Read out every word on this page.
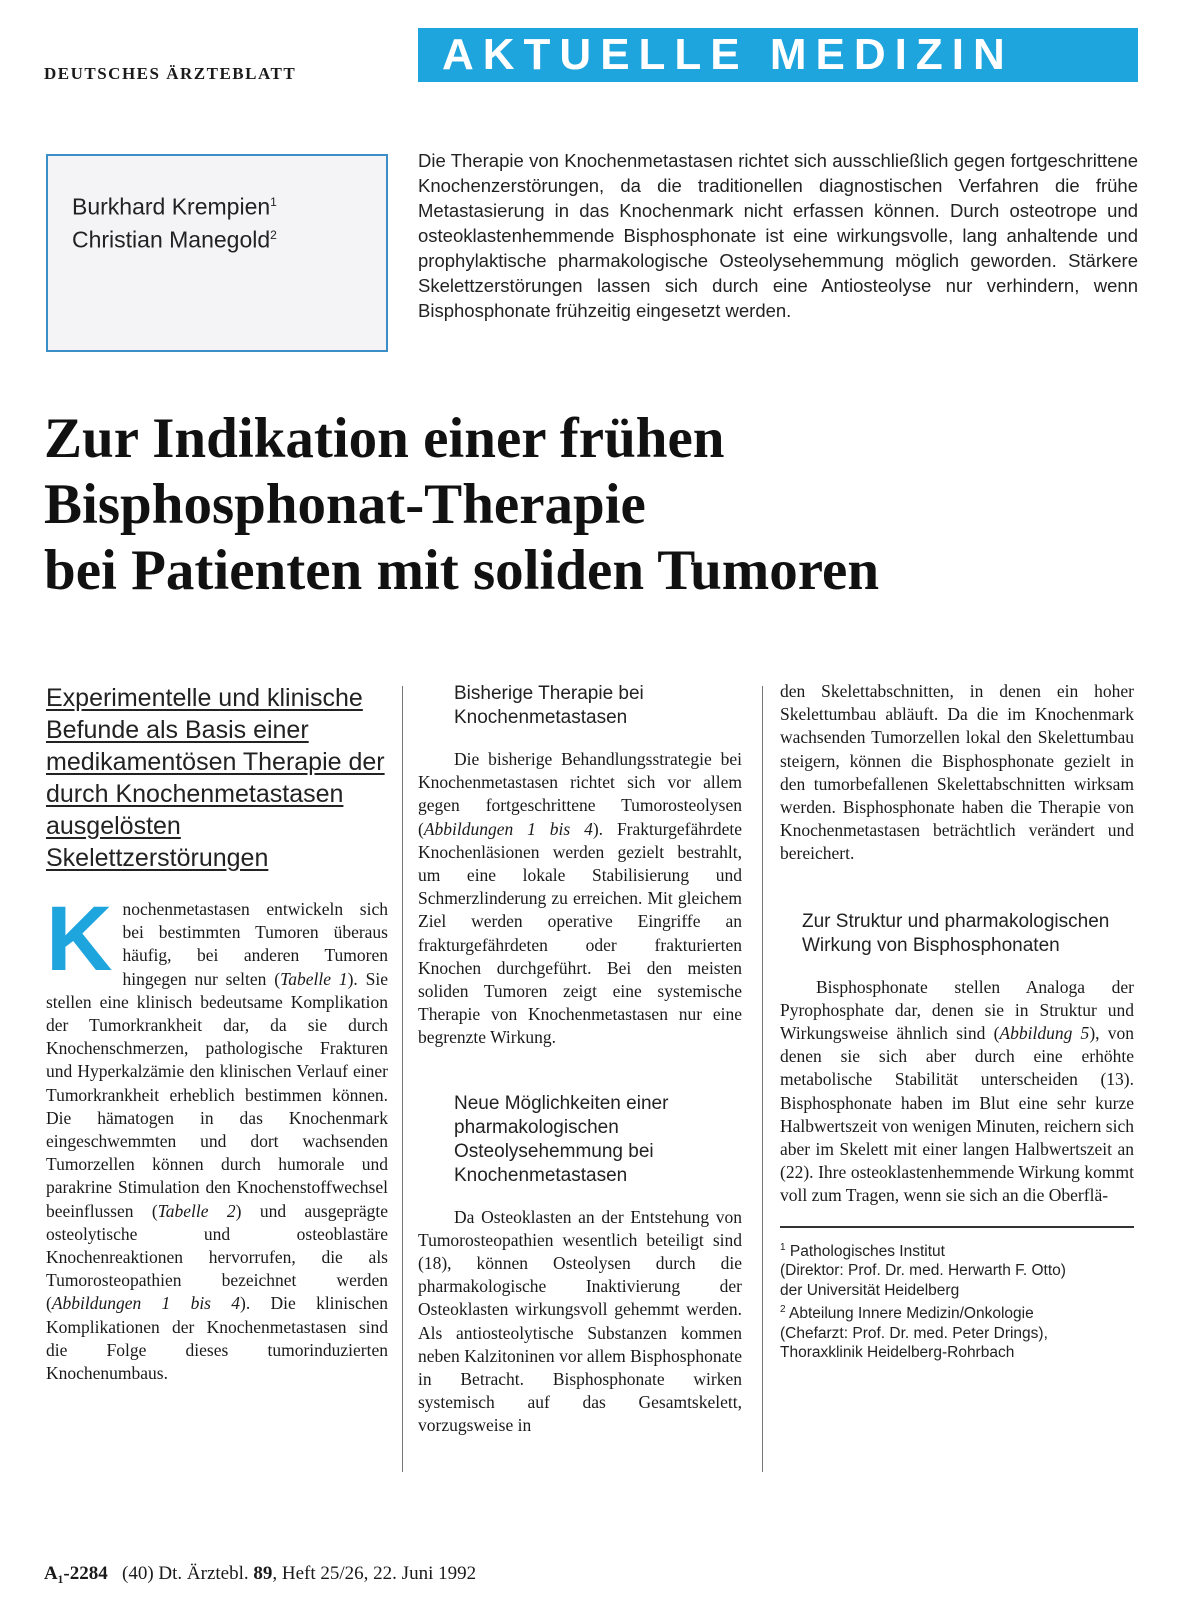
DEUTSCHES ÄRZTEBLATT	AKTUELLE MEDIZIN
Burkhard Krempien$^1$
Christian Manegold$^2$
Die Therapie von Knochenmetastasen richtet sich ausschließlich gegen fortgeschrittene Knochenzerstörungen, da die traditionellen diagnostischen Verfahren die frühe Metastasierung in das Knochenmark nicht erfassen können. Durch osteotrope und osteoklastenhemmende Bisphosphonate ist eine wirkungsvolle, lang anhaltende und prophylaktische pharmakologische Osteolysehemmung möglich geworden. Stärkere Skelettzerstörungen lassen sich durch eine Antiosteolyse nur verhindern, wenn Bisphosphonate frühzeitig eingesetzt werden.
Zur Indikation einer frühen
Bisphosphonat-Therapie
bei Patienten mit soliden Tumoren
Experimentelle und klinische Befunde als Basis einer medikamentösen Therapie der durch Knochenmetastasen ausgelösten Skelettzerstörungen

Knochenmetastasen entwickeln sich bei bestimmten Tumoren überaus häufig, bei anderen Tumoren hingegen nur selten (Tabelle 1). Sie stellen eine klinisch bedeutsame Komplikation der Tumorkrankheit dar, da sie durch Knochenschmerzen, pathologische Frakturen und Hyperkalzämie den klinischen Verlauf einer Tumorkrankheit erheblich bestimmen können. Die hämatogen in das Knochenmark eingeschwemmten und dort wachsenden Tumorzellen können durch humorale und parakrine Stimulation den Knochenstoffwechsel beeinflussen (Tabelle 2) und ausgeprägte osteolytische und osteoblastäre Knochenreaktionen hervorrufen, die als Tumorosteopathien bezeichnet werden (Abbildungen 1 bis 4). Die klinischen Komplikationen der Knochenmetastasen sind die Folge dieses tumorinduzierten Knochenumbaus.

Bisherige Therapie bei Knochenmetastasen

Die bisherige Behandlungsstrategie bei Knochenmetastasen richtet sich vor allem gegen fortgeschrittene Tumorosteolysen (Abbildungen 1 bis 4). Frakturgefährdete Knochenläsionen werden gezielt bestrahlt, um eine lokale Stabilisierung und Schmerzlinderung zu erreichen. Mit gleichem Ziel werden operative Eingriffe an frakturgefährdeten oder frakturierten Knochen durchgeführt. Bei den meisten soliden Tumoren zeigt eine systemische Therapie von Knochenmetastasen nur eine begrenzte Wirkung.

Neue Möglichkeiten einer pharmakologischen Osteolysehemmung bei Knochenmetastasen

Da Osteoklasten an der Entstehung von Tumorosteopathien wesentlich beteiligt sind (18), können Osteolysen durch die pharmakologische Inaktivierung der Osteoklasten wirkungsvoll gehemmt werden. Als antiosteolytische Substanzen kommen neben Kalzitoninen vor allem Bisphosphonate in Betracht. Bisphosphonate wirken systemisch auf das Gesamtskelett, vorzugsweise in

den Skelettabschnitten, in denen ein hoher Skelettumbau abläuft. Da die im Knochenmark wachsenden Tumorzellen lokal den Skelettumbau steigern, können die Bisphosphonate gezielt in den tumorbefallenen Skelettabschnitten wirksam werden. Bisphosphonate haben die Therapie von Knochenmetastasen beträchtlich verändert und bereichert.

Zur Struktur und pharmakologischen Wirkung von Bisphosphonaten

Bisphosphonate stellen Analoga der Pyrophosphate dar, denen sie in Struktur und Wirkungsweise ähnlich sind (Abbildung 5), von denen sie sich aber durch eine erhöhte metabolische Stabilität unterscheiden (13). Bisphosphonate haben im Blut eine sehr kurze Halbwertszeit von wenigen Minuten, reichern sich aber im Skelett mit einer langen Halbwertszeit an (22). Ihre osteoklastenhemmende Wirkung kommt voll zum Tragen, wenn sie sich an die Oberflä-

$^1$ Pathologisches Institut
(Direktor: Prof. Dr. med. Herwarth F. Otto)
der Universität Heidelberg
$^2$ Abteilung Innere Medizin/Onkologie
(Chefarzt: Prof. Dr. med. Peter Drings),
Thoraxklinik Heidelberg-Rohrbach
A₁-2284 (40) Dt. Ärztebl. 89, Heft 25/26, 22. Juni 1992
